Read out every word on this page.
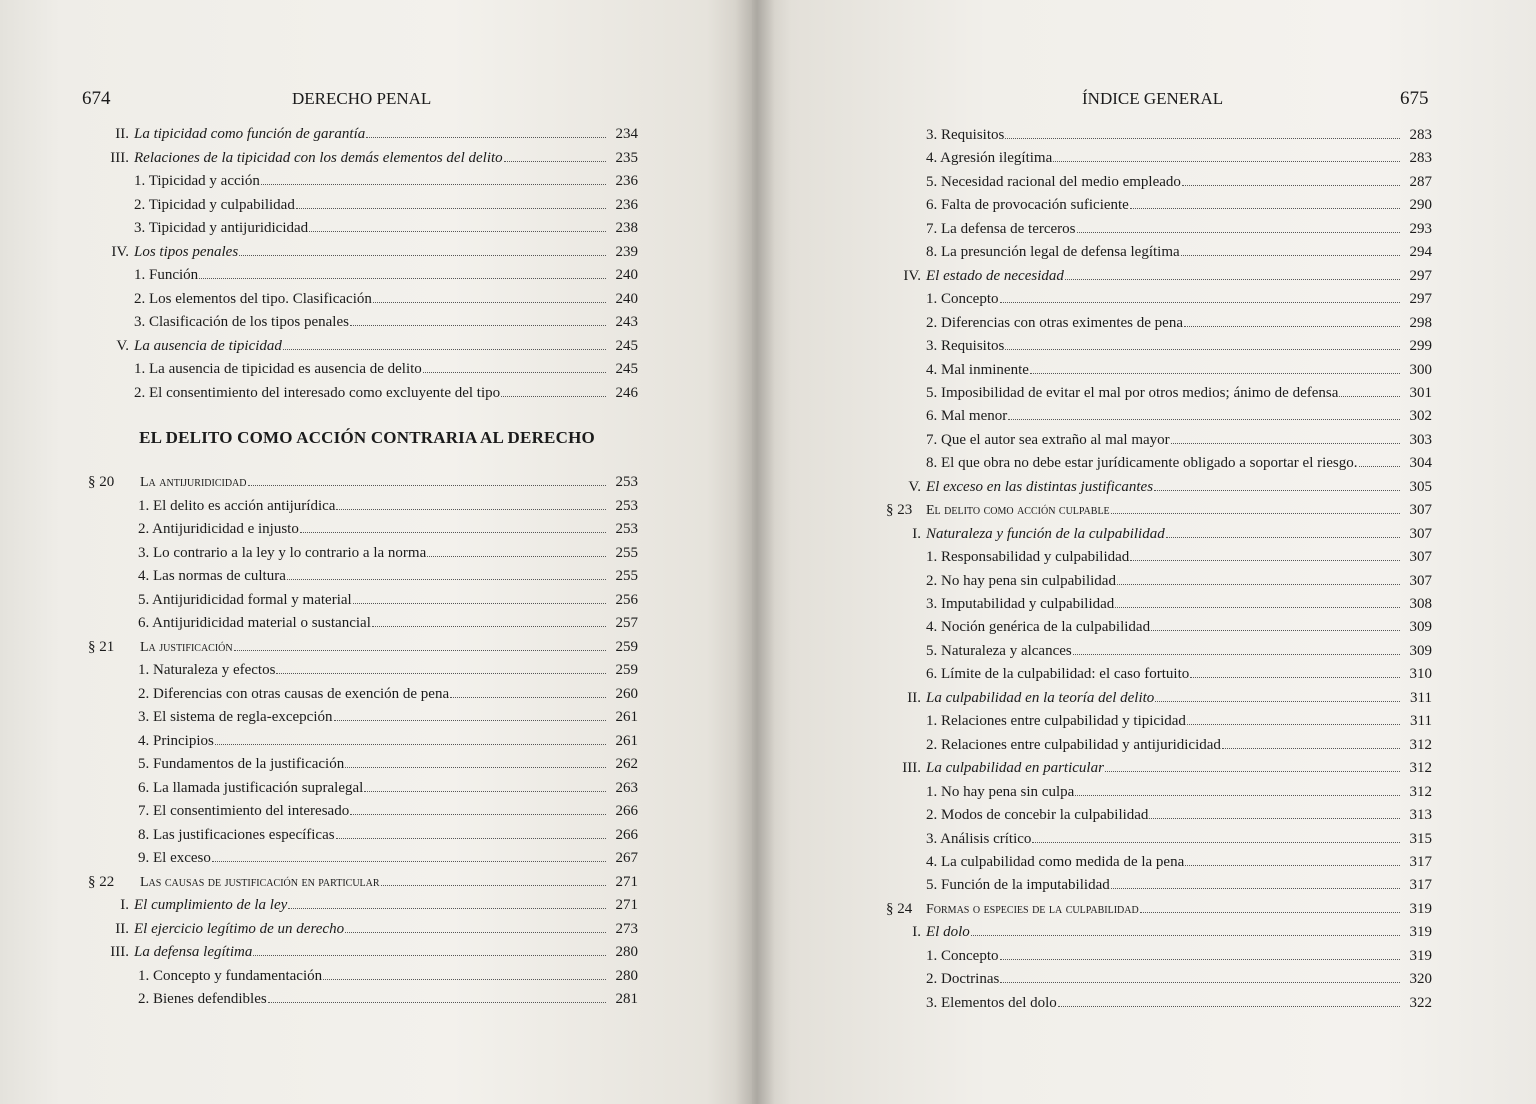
674	DERECHO PENAL
II. La tipicidad como función de garantía	234
III. Relaciones de la tipicidad con los demás elementos del delito	235
1. Tipicidad y acción	236
2. Tipicidad y culpabilidad	236
3. Tipicidad y antijuridicidad	238
IV. Los tipos penales	239
1. Función	240
2. Los elementos del tipo. Clasificación	240
3. Clasificación de los tipos penales	243
V. La ausencia de tipicidad	245
1. La ausencia de tipicidad es ausencia de delito	245
2. El consentimiento del interesado como excluyente del tipo	246
EL DELITO COMO ACCIÓN CONTRARIA AL DERECHO
§ 20	La antijuridicidad	253
1. El delito es acción antijurídica	253
2. Antijuridicidad e injusto	253
3. Lo contrario a la ley y lo contrario a la norma	255
4. Las normas de cultura	255
5. Antijuridicidad formal y material	256
6. Antijuridicidad material o sustancial	257
§ 21	La justificación	259
1. Naturaleza y efectos	259
2. Diferencias con otras causas de exención de pena	260
3. El sistema de regla-excepción	261
4. Principios	261
5. Fundamentos de la justificación	262
6. La llamada justificación supralegal	263
7. El consentimiento del interesado	266
8. Las justificaciones específicas	266
9. El exceso	267
§ 22	Las causas de justificación en particular	271
I. El cumplimiento de la ley	271
II. El ejercicio legítimo de un derecho	273
III. La defensa legítima	280
1. Concepto y fundamentación	280
2. Bienes defendibles	281
ÍNDICE GENERAL	675
3. Requisitos	283
4. Agresión ilegítima	283
5. Necesidad racional del medio empleado	287
6. Falta de provocación suficiente	290
7. La defensa de terceros	293
8. La presunción legal de defensa legítima	294
IV. El estado de necesidad	297
1. Concepto	297
2. Diferencias con otras eximentes de pena	298
3. Requisitos	299
4. Mal inminente	300
5. Imposibilidad de evitar el mal por otros medios; ánimo de defensa	301
6. Mal menor	302
7. Que el autor sea extraño al mal mayor	303
8. El que obra no debe estar jurídicamente obligado a soportar el riesgo.	304
V. El exceso en las distintas justificantes	305
§ 23 El delito como acción culpable	307
I. Naturaleza y función de la culpabilidad	307
1. Responsabilidad y culpabilidad	307
2. No hay pena sin culpabilidad	307
3. Imputabilidad y culpabilidad	308
4. Noción genérica de la culpabilidad	309
5. Naturaleza y alcances	309
6. Límite de la culpabilidad: el caso fortuito	310
II. La culpabilidad en la teoría del delito	311
1. Relaciones entre culpabilidad y tipicidad	311
2. Relaciones entre culpabilidad y antijuridicidad	312
III. La culpabilidad en particular	312
1. No hay pena sin culpa	312
2. Modos de concebir la culpabilidad	313
3. Análisis crítico	315
4. La culpabilidad como medida de la pena	317
5. Función de la imputabilidad	317
§ 24 Formas o especies de la culpabilidad	319
I. El dolo	319
1. Concepto	319
2. Doctrinas	320
3. Elementos del dolo	322
